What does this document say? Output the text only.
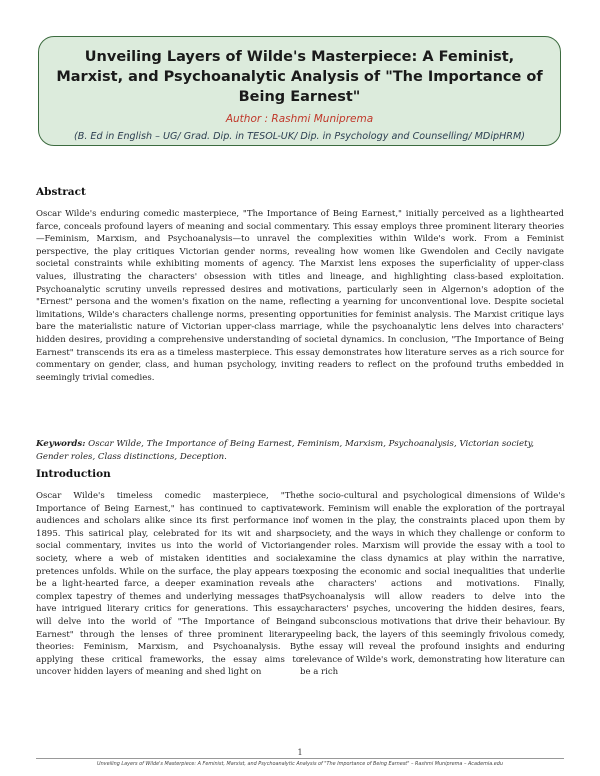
Unveiling Layers of Wilde's Masterpiece: A Feminist, Marxist, and Psychoanalytic Analysis of "The Importance of Being Earnest"
Author : Rashmi Muniprema
(B. Ed in English – UG/ Grad. Dip. in TESOL-UK/ Dip. in Psychology and Counselling/ MDipHRM)
Abstract
Oscar Wilde's enduring comedic masterpiece, "The Importance of Being Earnest," initially perceived as a lighthearted farce, conceals profound layers of meaning and social commentary. This essay employs three prominent literary theories—Feminism, Marxism, and Psychoanalysis—to unravel the complexities within Wilde's work. From a Feminist perspective, the play critiques Victorian gender norms, revealing how women like Gwendolen and Cecily navigate societal constraints while exhibiting moments of agency. The Marxist lens exposes the superficiality of upper-class values, illustrating the characters' obsession with titles and lineage, and highlighting class-based exploitation. Psychoanalytic scrutiny unveils repressed desires and motivations, particularly seen in Algernon's adoption of the "Ernest" persona and the women's fixation on the name, reflecting a yearning for unconventional love. Despite societal limitations, Wilde's characters challenge norms, presenting opportunities for feminist analysis. The Marxist critique lays bare the materialistic nature of Victorian upper-class marriage, while the psychoanalytic lens delves into characters' hidden desires, providing a comprehensive understanding of societal dynamics. In conclusion, "The Importance of Being Earnest" transcends its era as a timeless masterpiece. This essay demonstrates how literature serves as a rich source for commentary on gender, class, and human psychology, inviting readers to reflect on the profound truths embedded in seemingly trivial comedies.
Keywords: Oscar Wilde, The Importance of Being Earnest, Feminism, Marxism, Psychoanalysis, Victorian society, Gender roles, Class distinctions, Deception.
Introduction
Oscar Wilde's timeless comedic masterpiece, "The Importance of Being Earnest," has continued to captivate audiences and scholars alike since its first performance in 1895. This satirical play, celebrated for its wit and sharp social commentary, invites us into the world of Victorian society, where a web of mistaken identities and social pretences unfolds. While on the surface, the play appears to be a light-hearted farce, a deeper examination reveals a complex tapestry of themes and underlying messages that have intrigued literary critics for generations. This essay will delve into the world of "The Importance of Being Earnest" through the lenses of three prominent literary theories: Feminism, Marxism, and Psychoanalysis. By applying these critical frameworks, the essay aims to uncover hidden layers of meaning and shed light on
the socio-cultural and psychological dimensions of Wilde's work. Feminism will enable the exploration of the portrayal of women in the play, the constraints placed upon them by society, and the ways in which they challenge or conform to gender roles. Marxism will provide the essay with a tool to examine the class dynamics at play within the narrative, exposing the economic and social inequalities that underlie the characters' actions and motivations. Finally, Psychoanalysis will allow readers to delve into the characters' psyches, uncovering the hidden desires, fears, and subconscious motivations that drive their behaviour. By peeling back, the layers of this seemingly frivolous comedy, the essay will reveal the profound insights and enduring relevance of Wilde's work, demonstrating how literature can be a rich
1
Unveiling Layers of Wilde's Masterpiece: A Feminist, Marxist, and Psychoanalytic Analysis of "The Importance of Being Earnest" – Rashmi Muniprema – Academia.edu
